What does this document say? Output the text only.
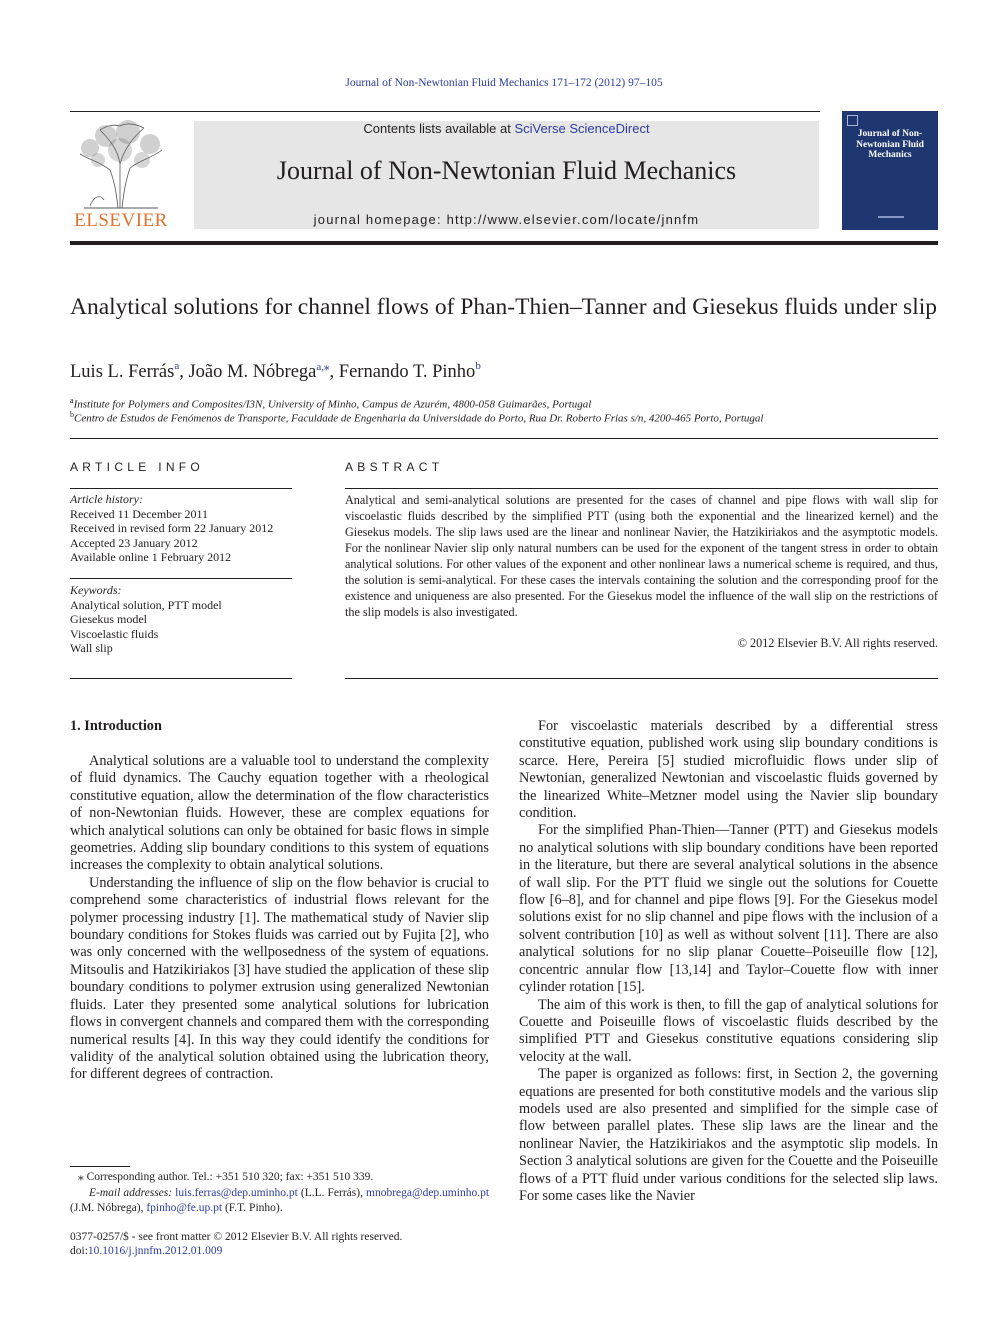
Journal of Non-Newtonian Fluid Mechanics 171–172 (2012) 97–105
ELSEVIER
Contents lists available at SciVerse ScienceDirect
Journal of Non-Newtonian Fluid Mechanics
journal homepage: http://www.elsevier.com/locate/jnnfm
Journal of Non-Newtonian Fluid Mechanics
Analytical solutions for channel flows of Phan-Thien–Tanner and Giesekus fluids under slip
Luis L. Ferrás$^a$, João M. Nóbrega$^{a,⁎}$, Fernando T. Pinho$^b$
$^a$Institute for Polymers and Composites/I3N, University of Minho, Campus de Azurém, 4800-058 Guimarães, Portugal
$^b$Centro de Estudos de Fenómenos de Transporte, Faculdade de Engenharia da Universidade do Porto, Rua Dr. Roberto Frias s/n, 4200-465 Porto, Portugal
ARTICLE INFO
Article history:
Received 11 December 2011
Received in revised form 22 January 2012
Accepted 23 January 2012
Available online 1 February 2012
Keywords:
Analytical solution, PTT model
Giesekus model
Viscoelastic fluids
Wall slip
ABSTRACT
Analytical and semi-analytical solutions are presented for the cases of channel and pipe flows with wall slip for viscoelastic fluids described by the simplified PTT (using both the exponential and the linearized kernel) and the Giesekus models. The slip laws used are the linear and nonlinear Navier, the Hatzikiriakos and the asymptotic models. For the nonlinear Navier slip only natural numbers can be used for the exponent of the tangent stress in order to obtain analytical solutions. For other values of the exponent and other nonlinear laws a numerical scheme is required, and thus, the solution is semi-analytical. For these cases the intervals containing the solution and the corresponding proof for the existence and uniqueness are also presented. For the Giesekus model the influence of the wall slip on the restrictions of the slip models is also investigated.
© 2012 Elsevier B.V. All rights reserved.
1. Introduction

Analytical solutions are a valuable tool to understand the complexity of fluid dynamics. The Cauchy equation together with a rheological constitutive equation, allow the determination of the flow characteristics of non-Newtonian fluids. However, these are complex equations for which analytical solutions can only be obtained for basic flows in simple geometries. Adding slip boundary conditions to this system of equations increases the complexity to obtain analytical solutions.

Understanding the influence of slip on the flow behavior is crucial to comprehend some characteristics of industrial flows relevant for the polymer processing industry [1]. The mathematical study of Navier slip boundary conditions for Stokes fluids was carried out by Fujita [2], who was only concerned with the wellposedness of the system of equations. Mitsoulis and Hatzikiriakos [3] have studied the application of these slip boundary conditions to polymer extrusion using generalized Newtonian fluids. Later they presented some analytical solutions for lubrication flows in convergent channels and compared them with the corresponding numerical results [4]. In this way they could identify the conditions for validity of the analytical solution obtained using the lubrication theory, for different degrees of contraction.

For viscoelastic materials described by a differential stress constitutive equation, published work using slip boundary conditions is scarce. Here, Pereira [5] studied microfluidic flows under slip of Newtonian, generalized Newtonian and viscoelastic fluids governed by the linearized White–Metzner model using the Navier slip boundary condition.

For the simplified Phan-Thien—Tanner (PTT) and Giesekus models no analytical solutions with slip boundary conditions have been reported in the literature, but there are several analytical solutions in the absence of wall slip. For the PTT fluid we single out the solutions for Couette flow [6–8], and for channel and pipe flows [9]. For the Giesekus model solutions exist for no slip channel and pipe flows with the inclusion of a solvent contribution [10] as well as without solvent [11]. There are also analytical solutions for no slip planar Couette–Poiseuille flow [12], concentric annular flow [13,14] and Taylor–Couette flow with inner cylinder rotation [15].

The aim of this work is then, to fill the gap of analytical solutions for Couette and Poiseuille flows of viscoelastic fluids described by the simplified PTT and Giesekus constitutive equations considering slip velocity at the wall.

The paper is organized as follows: first, in Section 2, the governing equations are presented for both constitutive models and the various slip models used are also presented and simplified for the simple case of flow between parallel plates. These slip laws are the linear and the nonlinear Navier, the Hatzikiriakos and the asymptotic slip models. In Section 3 analytical solutions are given for the Couette and the Poiseuille flows of a PTT fluid under various conditions for the selected slip laws. For some cases like the Navier

⁎ Corresponding author. Tel.: +351 510 320; fax: +351 510 339.
E-mail addresses: luis.ferras@dep.uminho.pt (L.L. Ferrás), mnobrega@dep.uminho.pt (J.M. Nóbrega), fpinho@fe.up.pt (F.T. Pinho).
0377-0257/$ - see front matter © 2012 Elsevier B.V. All rights reserved.
doi:10.1016/j.jnnfm.2012.01.009
